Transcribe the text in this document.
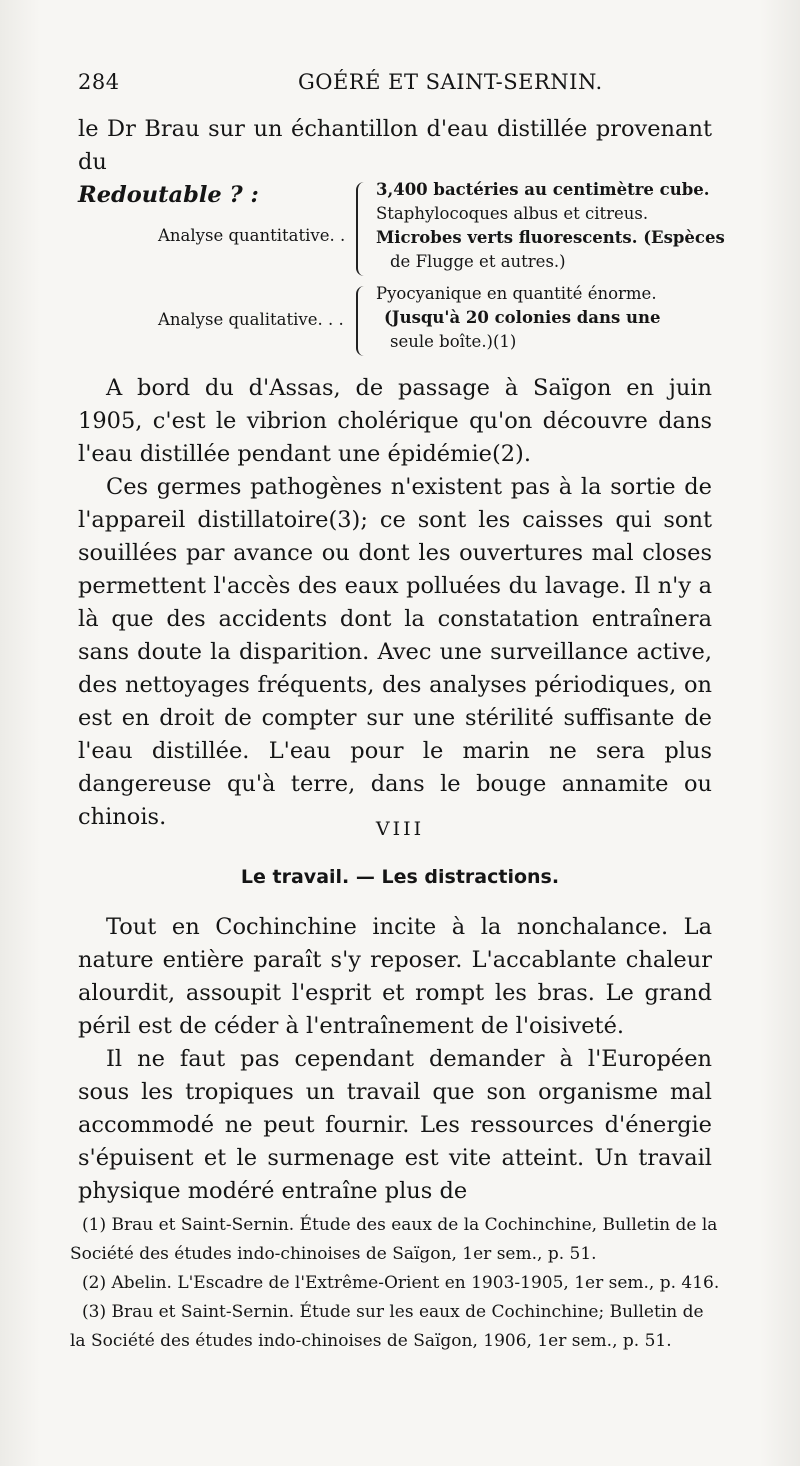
284	GOÉRÉ ET SAINT-SERNIN.

le Dr Brau sur un échantillon d'eau distillée provenant du

Redoutable ? :

Analyse quantitative. .
3,400 bactéries au centimètre cube.
Staphylocoques albus et citreus.
Microbes verts fluorescents. (Espèces
de Flugge et autres.)
Analyse qualitative. . .
Pyocyanique en quantité énorme.
(Jusqu'à 20 colonies dans une
seule boîte.)(1)

A bord du d'Assas, de passage à Saïgon en juin 1905, c'est le vibrion cholérique qu'on découvre dans l'eau distillée pendant une épidémie(2).

Ces germes pathogènes n'existent pas à la sortie de l'appareil distillatoire(3); ce sont les caisses qui sont souillées par avance ou dont les ouvertures mal closes permettent l'accès des eaux polluées du lavage. Il n'y a là que des accidents dont la constatation entraînera sans doute la disparition. Avec une surveillance active, des nettoyages fréquents, des analyses périodiques, on est en droit de compter sur une stérilité suffisante de l'eau distillée. L'eau pour le marin ne sera plus dangereuse qu'à terre, dans le bouge annamite ou chinois.	VIII
Le travail. — Les distractions.

Tout en Cochinchine incite à la nonchalance. La nature entière paraît s'y reposer. L'accablante chaleur alourdit, assoupit l'esprit et rompt les bras. Le grand péril est de céder à l'entraînement de l'oisiveté.

Il ne faut pas cependant demander à l'Européen sous les tropiques un travail que son organisme mal accommodé ne peut fournir. Les ressources d'énergie s'épuisent et le surmenage est vite atteint. Un travail physique modéré entraîne plus de

(1) Brau et Saint-Sernin. Étude des eaux de la Cochinchine, Bulletin de la Société des études indo-chinoises de Saïgon, 1er sem., p. 51.

(2) Abelin. L'Escadre de l'Extrême-Orient en 1903-1905, 1er sem., p. 416.

(3) Brau et Saint-Sernin. Étude sur les eaux de Cochinchine; Bulletin de la Société des études indo-chinoises de Saïgon, 1906, 1er sem., p. 51.
